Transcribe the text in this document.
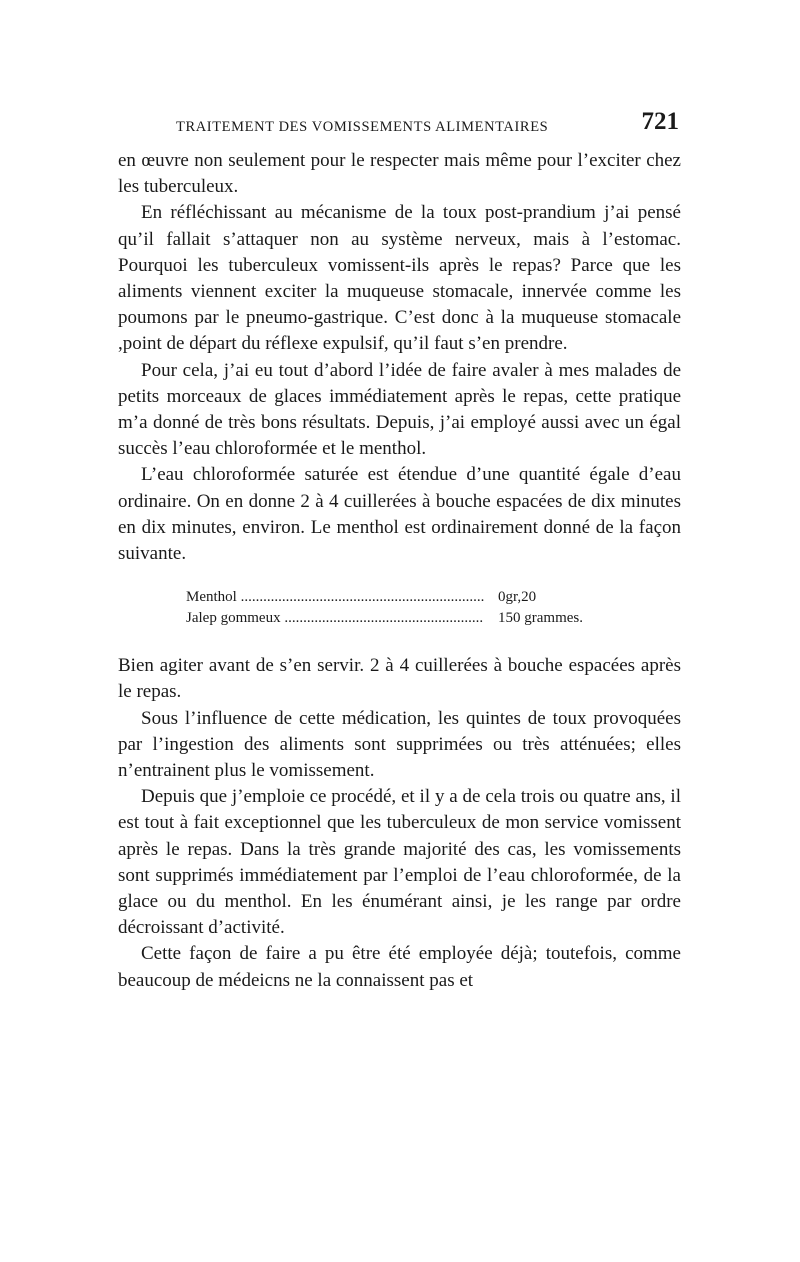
TRAITEMENT DES VOMISSEMENTS ALIMENTAIRES	721

en œuvre non seulement pour le respecter mais même pour l’exciter chez les tuberculeux.

En réfléchissant au mécanisme de la toux post-prandium j’ai pensé qu’il fallait s’attaquer non au système nerveux, mais à l’estomac. Pourquoi les tuberculeux vomissent-ils après le repas? Parce que les aliments viennent exciter la muqueuse stomacale, innervée comme les poumons par le pneumo-gastrique. C’est donc à la muqueuse stomacale ,point de départ du réflexe expulsif, qu’il faut s’en prendre.

Pour cela, j’ai eu tout d’abord l’idée de faire avaler à mes malades de petits morceaux de glaces immédiatement après le repas, cette pratique m’a donné de très bons résultats. Depuis, j’ai employé aussi avec un égal succès l’eau chloroformée et le menthol.

L’eau chloroformée saturée est étendue d’une quantité égale d’eau ordinaire. On en donne 2 à 4 cuillerées à bouche espacées de dix minutes en dix minutes, environ. Le menthol est ordinairement donné de la façon suivante.

Menthol .....	0gr,20
Jalep gommeux .....	150 grammes.

Bien agiter avant de s’en servir. 2 à 4 cuillerées à bouche espacées après le repas.

Sous l’influence de cette médication, les quintes de toux provoquées par l’ingestion des aliments sont supprimées ou très atténuées; elles n’entrainent plus le vomissement.

Depuis que j’emploie ce procédé, et il y a de cela trois ou quatre ans, il est tout à fait exceptionnel que les tuberculeux de mon service vomissent après le repas. Dans la très grande majorité des cas, les vomissements sont supprimés immédiatement par l’emploi de l’eau chloroformée, de la glace ou du menthol. En les énumérant ainsi, je les range par ordre décroissant d’activité.

Cette façon de faire a pu être été employée déjà; toutefois, comme beaucoup de médeicns ne la connaissent pas et
